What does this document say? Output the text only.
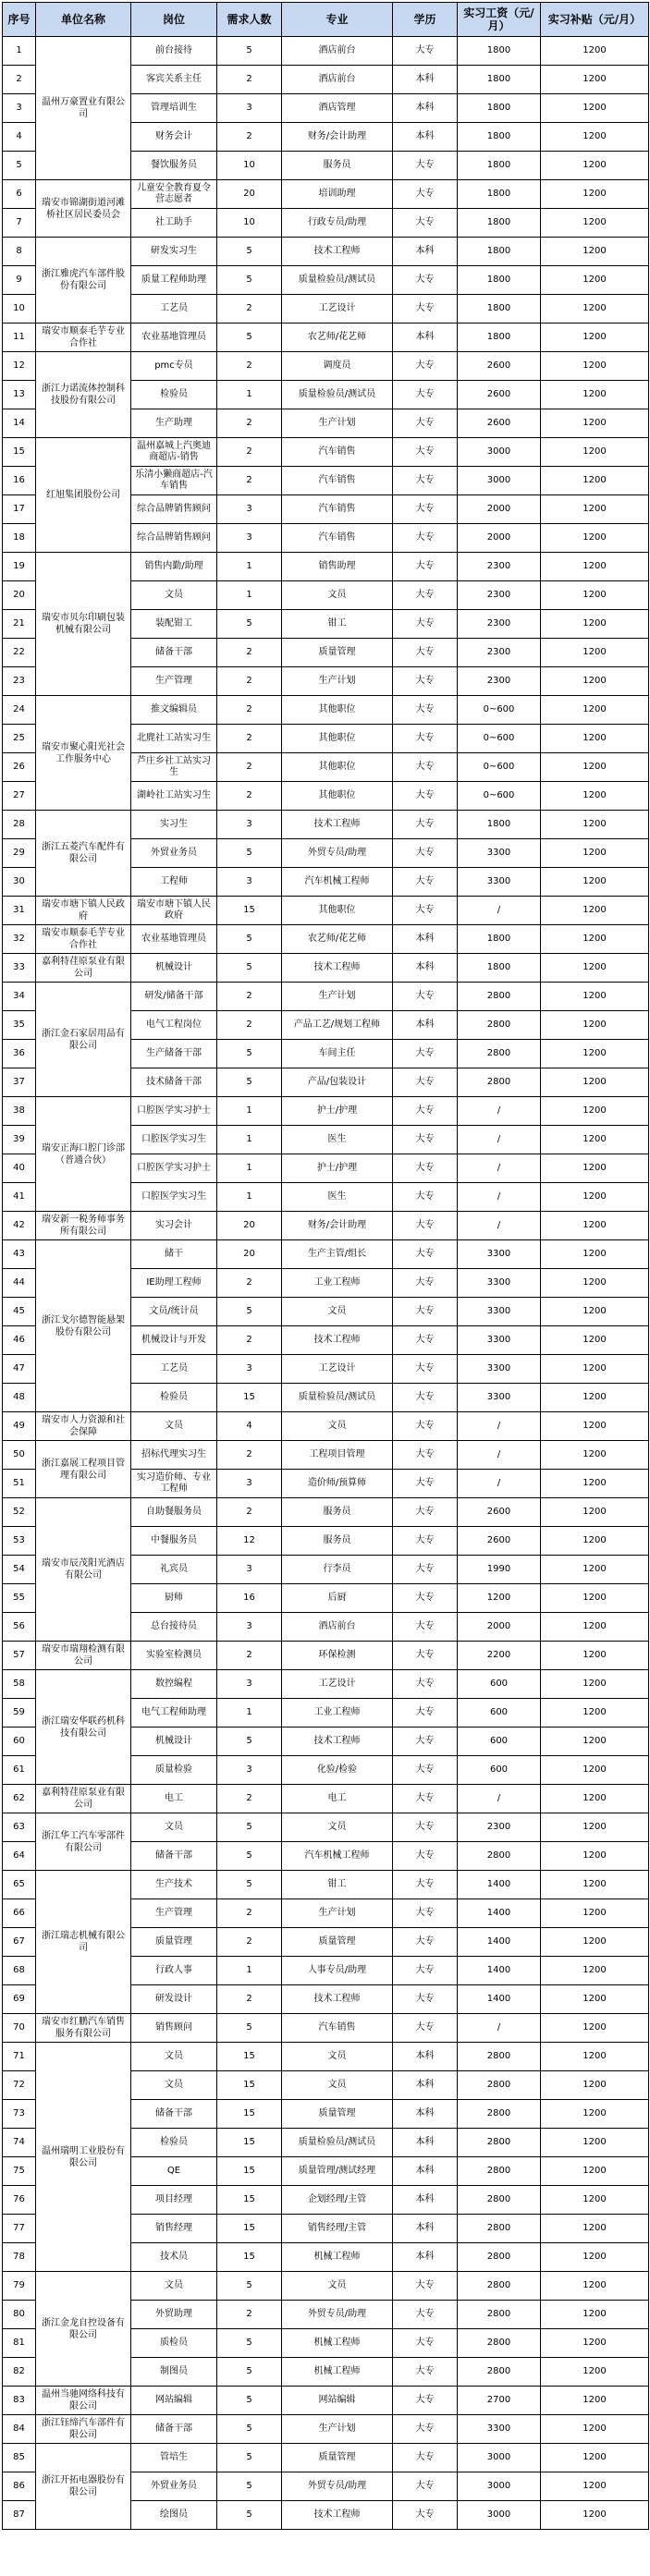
序号	单位名称	岗位	需求人数	专业	学历	实习工资（元/月）	实习补贴（元/月）
1	温州万豪置业有限公司	前台接待	5	酒店前台	大专	1800	1200
2		客宾关系主任	2	酒店前台	本科	1800	1200
3		管理培训生	3	酒店管理	本科	1800	1200
4		财务会计	2	财务/会计助理	本科	1800	1200
5		餐饮服务员	10	服务员	大专	1800	1200
6	瑞安市锦湖街道河滩桥社区居民委员会	儿童安全教育夏令营志愿者	20	培训助理	大专	1800	1200
7		社工助手	10	行政专员/助理	大专	1800	1200
8	浙江雅虎汽车部件股份有限公司	研发实习生	5	技术工程师	本科	1800	1200
9		质量工程师助理	5	质量检验员/测试员	大专	1800	1200
10		工艺员	2	工艺设计	大专	1800	1200
11	瑞安市顺泰毛芋专业合作社	农业基地管理员	5	农艺师/花艺师	本科	1800	1200
12	浙江力诺流体控制科技股份有限公司	pmc专员	2	调度员	大专	2600	1200
13		检验员	1	质量检验员/测试员	大专	2600	1200
14		生产助理	2	生产计划	大专	2600	1200
15	红旭集团股份公司	温州嘉城上汽奥迪商超店-销售	2	汽车销售	大专	3000	1200
16		乐清小獭商超店-汽车销售	2	汽车销售	大专	3000	1200
17		综合品牌销售顾问	3	汽车销售	大专	2000	1200
18		综合品牌销售顾问	3	汽车销售	大专	2000	1200
19	瑞安市贝尔印刷包装机械有限公司	销售内勤/助理	1	销售助理	大专	2300	1200
20		文员	1	文员	大专	2300	1200
21		装配钳工	5	钳工	大专	2300	1200
22		储备干部	2	质量管理	大专	2300	1200
23		生产管理	2	生产计划	大专	2300	1200
24	瑞安市聚心阳光社会工作服务中心	推文编辑员	2	其他职位	大专	0~600	1200
25		北麂社工站实习生	2	其他职位	大专	0~600	1200
26		芦庄乡社工站实习生	2	其他职位	大专	0~600	1200
27		湖岭社工站实习生	2	其他职位	大专	0~600	1200
28	浙江五菱汽车配件有限公司	实习生	3	技术工程师	大专	1800	1200
29		外贸业务员	5	外贸专员/助理	大专	3300	1200
30		工程师	3	汽车机械工程师	大专	3300	1200
31	瑞安市塘下镇人民政府	瑞安市塘下镇人民政府	15	其他职位	大专	/	1200
32	瑞安市顺泰毛芋专业合作社	农业基地管理员	5	农艺师/花艺师	本科	1800	1200
33	嘉利特荏原泵业有限公司	机械设计	5	技术工程师	本科	1800	1200
34	浙江金石家居用品有限公司	研发/储备干部	2	生产计划	大专	2800	1200
35		电气工程岗位	2	产品工艺/规划工程师	本科	2800	1200
36		生产储备干部	5	车间主任	大专	2800	1200
37		技术储备干部	5	产品/包装设计	大专	2800	1200
38	瑞安正海口腔门诊部（普通合伙）	口腔医学实习护士	1	护士/护理	大专	/	1200
39		口腔医学实习生	1	医生	大专	/	1200
40		口腔医学实习护士	1	护士/护理	大专	/	1200
41		口腔医学实习生	1	医生	大专	/	1200
42	瑞安新一税务师事务所有限公司	实习会计	20	财务/会计助理	大专	/	1200
43	浙江戈尔德智能悬架股份有限公司	储干	20	生产主管/组长	大专	3300	1200
44		IE助理工程师	2	工业工程师	大专	3300	1200
45		文员/统计员	5	文员	大专	3300	1200
46		机械设计与开发	2	技术工程师	大专	3300	1200
47		工艺员	3	工艺设计	大专	3300	1200
48		检验员	15	质量检验员/测试员	大专	3300	1200
49	瑞安市人力资源和社会保障	文员	4	文员	大专	/	1200
50	浙江嘉展工程项目管理有限公司	招标代理实习生	2	工程项目管理	大专	/	1200
51		实习造价师、专业工程师	3	造价师/预算师	大专	/	1200
52	瑞安市辰茂阳光酒店有限公司	自助餐服务员	2	服务员	大专	2600	1200
53		中餐服务员	12	服务员	大专	2600	1200
54		礼宾员	3	行李员	大专	1990	1200
55		厨师	16	后厨	大专	1200	1200
56		总台接待员	3	酒店前台	大专	2000	1200
57	瑞安市瑞翔检测有限公司	实验室检测员	2	环保检测	大专	2200	1200
58	浙江瑞安华联药机科技有限公司	数控编程	3	工艺设计	大专	600	1200
59		电气工程师助理	1	工业工程师	大专	600	1200
60		机械设计	5	技术工程师	大专	600	1200
61		质量检验	3	化验/检验	大专	600	1200
62	嘉利特荏原泵业有限公司	电工	2	电工	大专	/	1200
63	浙江华工汽车零部件有限公司	文员	5	文员	大专	2300	1200
64		储备干部	5	汽车机械工程师	大专	2800	1200
65	浙江瑞志机械有限公司	生产技术	5	钳工	大专	1400	1200
66		生产管理	2	生产计划	大专	1400	1200
67		质量管理	2	质量管理	大专	1400	1200
68		行政人事	1	人事专员/助理	大专	1400	1200
69		研发设计	2	技术工程师	大专	1400	1200
70	瑞安市红鹏汽车销售服务有限公司	销售顾问	5	汽车销售	大专	/	1200
71	温州瑞明工业股份有限公司	文员	15	文员	本科	2800	1200
72		文员	15	文员	本科	2800	1200
73		储备干部	15	质量管理	本科	2800	1200
74		检验员	15	质量检验员/测试员	本科	2800	1200
75		QE	15	质量管理/测试经理	本科	2800	1200
76		项目经理	15	企划经理/主管	本科	2800	1200
77		销售经理	15	销售经理/主管	本科	2800	1200
78		技术员	15	机械工程师	本科	2800	1200
79	浙江金龙自控设备有限公司	文员	5	文员	大专	2800	1200
80		外贸助理	2	外贸专员/助理	大专	2800	1200
81		质检员	5	机械工程师	大专	2800	1200
82		制图员	5	机械工程师	大专	2800	1200
83	温州当驰网络科技有限公司	网站编辑	5	网站编辑	大专	2700	1200
84	浙江钰缔汽车部件有限公司	储备干部	5	生产计划	大专	3300	1200
85	浙江开拓电器股份有限公司	管培生	5	质量管理	大专	3000	1200
86		外贸业务员	5	外贸专员/助理	大专	3000	1200
87		绘图员	5	技术工程师	大专	3000	1200
